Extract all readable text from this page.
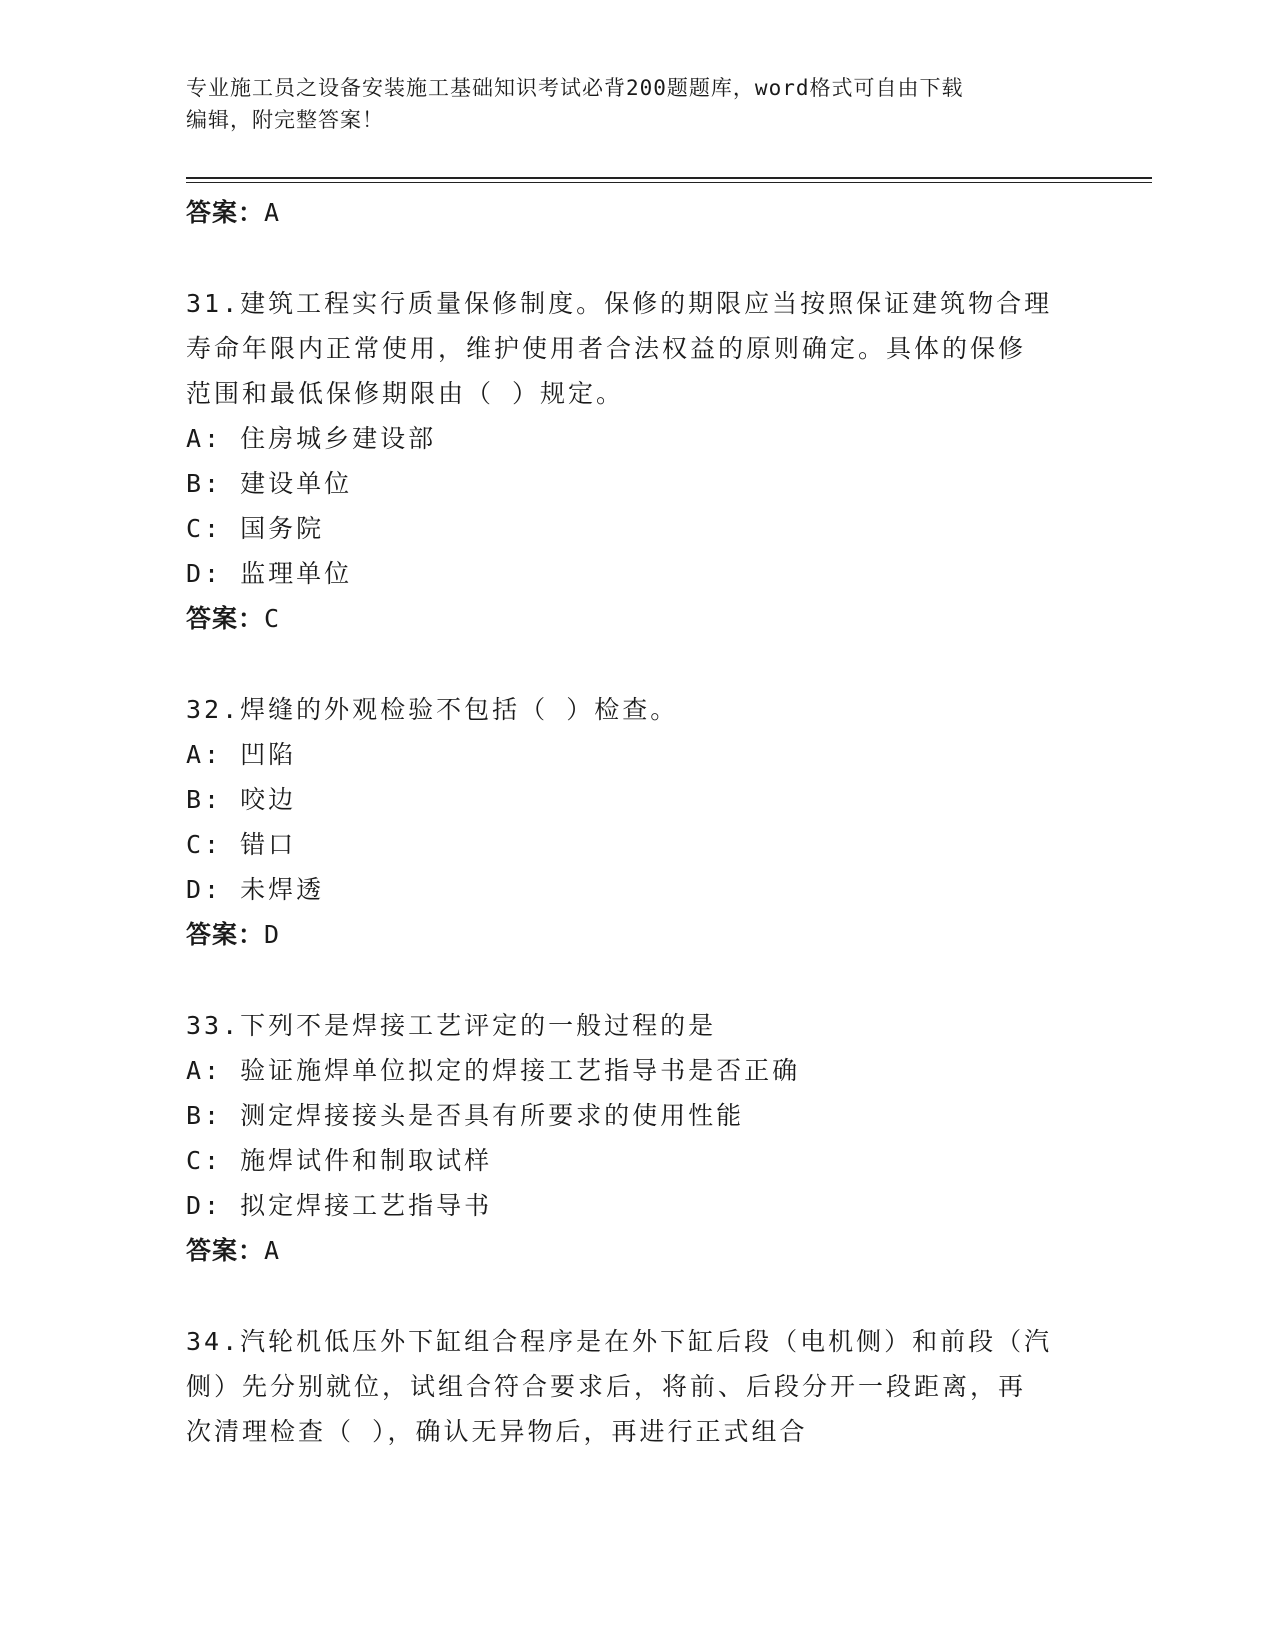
专业施工员之设备安装施工基础知识考试必背200题题库，word格式可自由下载
编辑，附完整答案！

答案：A

31.建筑工程实行质量保修制度。保修的期限应当按照保证建筑物合理

寿命年限内正常使用，维护使用者合法权益的原则确定。具体的保修

范围和最低保修期限由（ ）规定。

A: 住房城乡建设部

B: 建设单位

C: 国务院

D: 监理单位

答案：C

32.焊缝的外观检验不包括（ ）检查。

A: 凹陷

B: 咬边

C: 错口

D: 未焊透

答案：D

33.下列不是焊接工艺评定的一般过程的是

A: 验证施焊单位拟定的焊接工艺指导书是否正确

B: 测定焊接接头是否具有所要求的使用性能

C: 施焊试件和制取试样

D: 拟定焊接工艺指导书

答案：A

34.汽轮机低压外下缸组合程序是在外下缸后段（电机侧）和前段（汽

侧）先分别就位，试组合符合要求后，将前、后段分开一段距离，再

次清理检查（ ），确认无异物后，再进行正式组合
